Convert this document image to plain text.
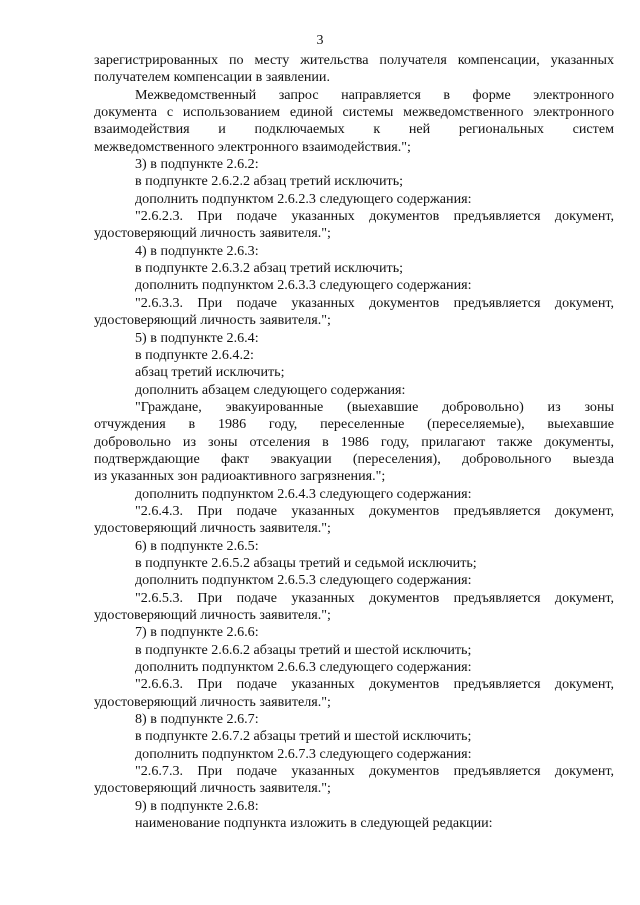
3
зарегистрированных по месту жительства получателя компенсации, указанных
получателем компенсации в заявлении.
Межведомственный запрос направляется в форме электронного
документа с использованием единой системы межведомственного электронного
взаимодействия и подключаемых к ней региональных систем
межведомственного электронного взаимодействия.";
3) в подпункте 2.6.2:
в подпункте 2.6.2.2 абзац третий исключить;
дополнить подпунктом 2.6.2.3 следующего содержания:
"2.6.2.3. При подаче указанных документов предъявляется документ,
удостоверяющий личность заявителя.";
4) в подпункте 2.6.3:
в подпункте 2.6.3.2 абзац третий исключить;
дополнить подпунктом 2.6.3.3 следующего содержания:
"2.6.3.3. При подаче указанных документов предъявляется документ,
удостоверяющий личность заявителя.";
5) в подпункте 2.6.4:
в подпункте 2.6.4.2:
абзац третий исключить;
дополнить абзацем следующего содержания:
"Граждане, эвакуированные (выехавшие добровольно) из зоны
отчуждения в 1986 году, переселенные (переселяемые), выехавшие
добровольно из зоны отселения в 1986 году, прилагают также документы,
подтверждающие факт эвакуации (переселения), добровольного выезда
из указанных зон радиоактивного загрязнения.";
дополнить подпунктом 2.6.4.3 следующего содержания:
"2.6.4.3. При подаче указанных документов предъявляется документ,
удостоверяющий личность заявителя.";
6) в подпункте 2.6.5:
в подпункте 2.6.5.2 абзацы третий и седьмой исключить;
дополнить подпунктом 2.6.5.3 следующего содержания:
"2.6.5.3. При подаче указанных документов предъявляется документ,
удостоверяющий личность заявителя.";
7) в подпункте 2.6.6:
в подпункте 2.6.6.2 абзацы третий и шестой исключить;
дополнить подпунктом 2.6.6.3 следующего содержания:
"2.6.6.3. При подаче указанных документов предъявляется документ,
удостоверяющий личность заявителя.";
8) в подпункте 2.6.7:
в подпункте 2.6.7.2 абзацы третий и шестой исключить;
дополнить подпунктом 2.6.7.3 следующего содержания:
"2.6.7.3. При подаче указанных документов предъявляется документ,
удостоверяющий личность заявителя.";
9) в подпункте 2.6.8:
наименование подпункта изложить в следующей редакции:
